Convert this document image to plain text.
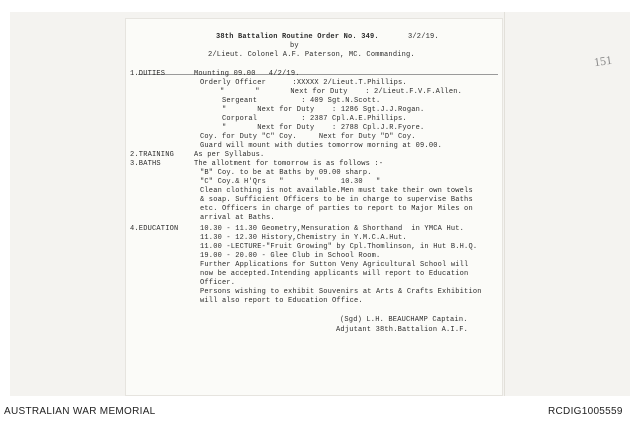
151
38th Battalion Routine Order No. 349.	3/2/19.
by
2/Lieut. Colonel A.F. Paterson, MC. Commanding.
1.DUTIES	Mounting 09.00   4/2/19.
Orderly Officer      :XXXXX 2/Lieut.T.Phillips.
"       "       Next for Duty    : 2/Lieut.F.V.F.Allen.
Sergeant          : 409 Sgt.N.Scott.
"       Next for Duty    : 1286 Sgt.J.J.Rogan.
Corporal          : 2387 Cpl.A.E.Phillips.
"       Next for Duty    : 2788 Cpl.J.R.Fyore.
Coy. for Duty "C" Coy.     Next for Duty "D" Coy.
Guard will mount with duties tomorrow morning at 09.00.
2.TRAINING	As per Syllabus.
3.BATHS	The allotment for tomorrow is as follows :-
"B" Coy. to be at Baths by 09.00 sharp.
"C" Coy.& H'Qrs   "       "     10.30   "
Clean clothing is not available.Men must take their own towels
& soap. Sufficient Officers to be in charge to supervise Baths
etc. Officers in charge of parties to report to Major Miles on
arrival at Baths.
4.EDUCATION	10.30 - 11.30 Geometry,Mensuration & Shorthand  in YMCA Hut.
11.30 - 12.30 History,Chemistry in Y.M.C.A.Hut.
11.00 -LECTURE-"Fruit Growing" by Cpl.Thomlinson, in Hut B.H.Q.
19.00 - 20.00 - Glee Club in School Room.
Further Applications for Sutton Veny Agricultural School will
now be accepted.Intending applicants will report to Education
Officer.
Persons wishing to exhibit Souvenirs at Arts & Crafts Exhibition
will also report to Education Office.
(Sgd) L.H. BEAUCHAMP Captain.
Adjutant 38th.Battalion A.I.F.
AUSTRALIAN WAR MEMORIAL	RCDIG1005559
